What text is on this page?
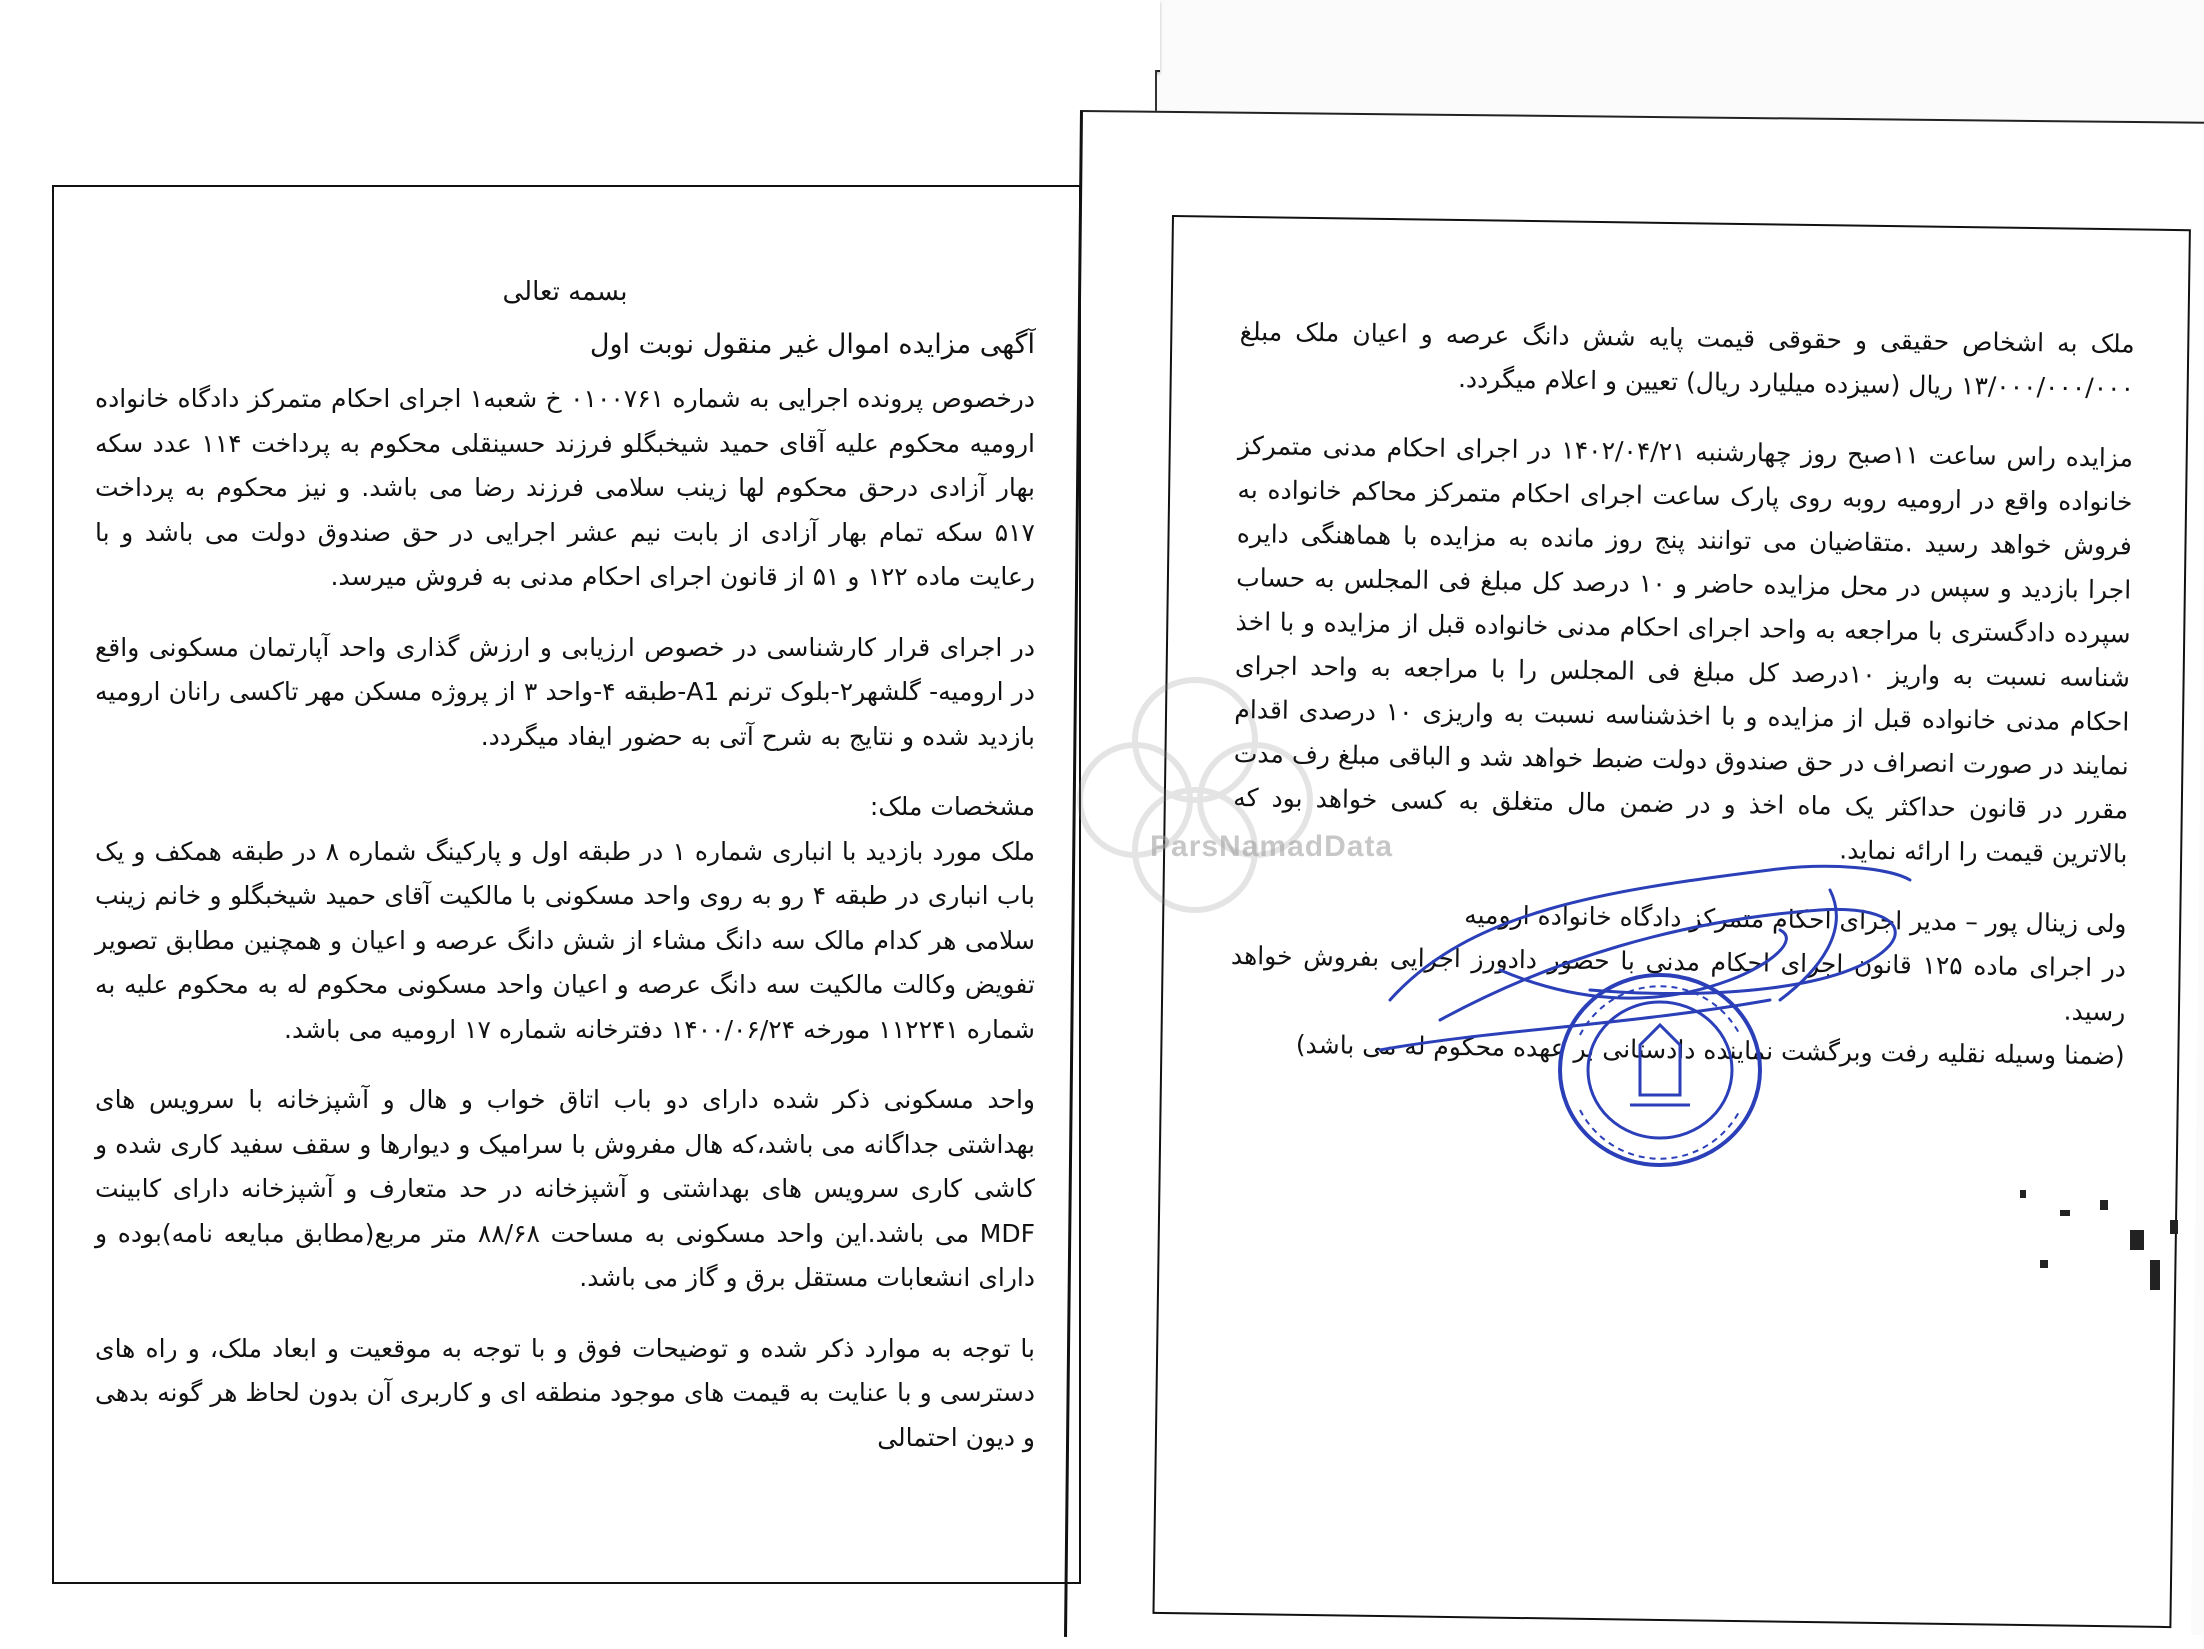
ParsNamadData

بسمه تعالی

آگهی مزایده اموال غیر منقول نوبت اول

درخصوص پرونده اجرایی به شماره ۰۱۰۰۷۶۱ خ شعبه۱ اجرای احکام متمرکز دادگاه خانواده ارومیه محکوم علیه آقای حمید شیخبگلو فرزند حسینقلی محکوم به پرداخت ۱۱۴ عدد سکه بهار آزادی درحق محکوم لها زینب سلامی فرزند رضا می باشد. و نیز محکوم به پرداخت ۵۱۷ سکه تمام بهار آزادی از بابت نیم عشر اجرایی در حق صندوق دولت می باشد و با رعایت ماده ۱۲۲ و ۵۱ از قانون اجرای احکام مدنی به فروش میرسد.

در اجرای قرار کارشناسی در خصوص ارزیابی و ارزش گذاری واحد آپارتمان مسکونی واقع در ارومیه- گلشهر۲-بلوک ترنم A1-طبقه ۴-واحد ۳ از پروژه مسکن مهر تاکسی رانان ارومیه بازدید شده و نتایج به شرح آتی به حضور ایفاد میگردد.

مشخصات ملک:

ملک مورد بازدید با انباری شماره ۱ در طبقه اول و پارکینگ شماره ۸ در طبقه همکف و یک باب انباری در طبقه ۴ رو به روی واحد مسکونی با مالکیت آقای حمید شیخبگلو و خانم زینب سلامی هر کدام مالک سه دانگ مشاء از شش دانگ عرصه و اعیان و همچنین مطابق تصویر تفویض وکالت مالکیت سه دانگ عرصه و اعیان واحد مسکونی محکوم له به محکوم علیه به شماره ۱۱۲۲۴۱ مورخه ۱۴۰۰/۰۶/۲۴ دفترخانه شماره ۱۷ ارومیه می باشد.

واحد مسکونی ذکر شده دارای دو باب اتاق خواب و هال و آشپزخانه با سرویس های بهداشتی جداگانه می باشد،که هال مفروش با سرامیک و دیوارها و سقف سفید کاری شده و کاشی کاری سرویس های بهداشتی و آشپزخانه در حد متعارف و آشپزخانه دارای کابینت MDF می باشد.این واحد مسکونی به مساحت ۸۸/۶۸ متر مربع(مطابق مبایعه نامه)بوده و دارای انشعابات مستقل برق و گاز می باشد.

با توجه به موارد ذکر شده و توضیحات فوق و با توجه به موقعیت و ابعاد ملک، و راه های دسترسی و با عنایت به قیمت های موجود منطقه ای و کاربری آن بدون لحاظ هر گونه بدهی و دیون احتمالی

ملک به اشخاص حقیقی و حقوقی قیمت پایه شش دانگ عرصه و اعیان ملک مبلغ ۱۳/۰۰۰/۰۰۰/۰۰۰ ریال (سیزده میلیارد ریال) تعیین و اعلام میگردد.

مزایده راس ساعت ۱۱صبح روز چهارشنبه ۱۴۰۲/۰۴/۲۱ در اجرای احکام مدنی متمرکز خانواده واقع در ارومیه روبه روی پارک ساعت اجرای احکام متمرکز محاکم خانواده به فروش خواهد رسید .متقاضیان می توانند پنج روز مانده به مزایده با هماهنگی دایره اجرا بازدید و سپس در محل مزایده حاضر و ۱۰ درصد کل مبلغ فی المجلس به حساب سپرده دادگستری با مراجعه به واحد اجرای احکام مدنی خانواده قبل از مزایده و با اخذ شناسه نسبت به واریز ۱۰درصد کل مبلغ فی المجلس را با مراجعه به واحد اجرای احکام مدنی خانواده قبل از مزایده و با اخذشناسه نسبت به واریزی ۱۰ درصدی اقدام نمایند در صورت انصراف در حق صندوق دولت ضبط خواهد شد و الباقی مبلغ رف مدت مقرر در قانون حداکثر یک ماه اخذ و در ضمن مال متغلق به کسی خواهد بود که بالاترین قیمت را ارائه نماید.

ولی زینال پور – مدیر اجرای احکام متمرکز دادگاه خانواده ارومیه

در اجرای ماده ۱۲۵ قانون اجرای احکام مدنی با حضور دادورز اجرایی بفروش خواهد رسید.

(ضمنا وسیله نقلیه رفت وبرگشت نماینده دادستانی بر عهده محکوم له می باشد)
